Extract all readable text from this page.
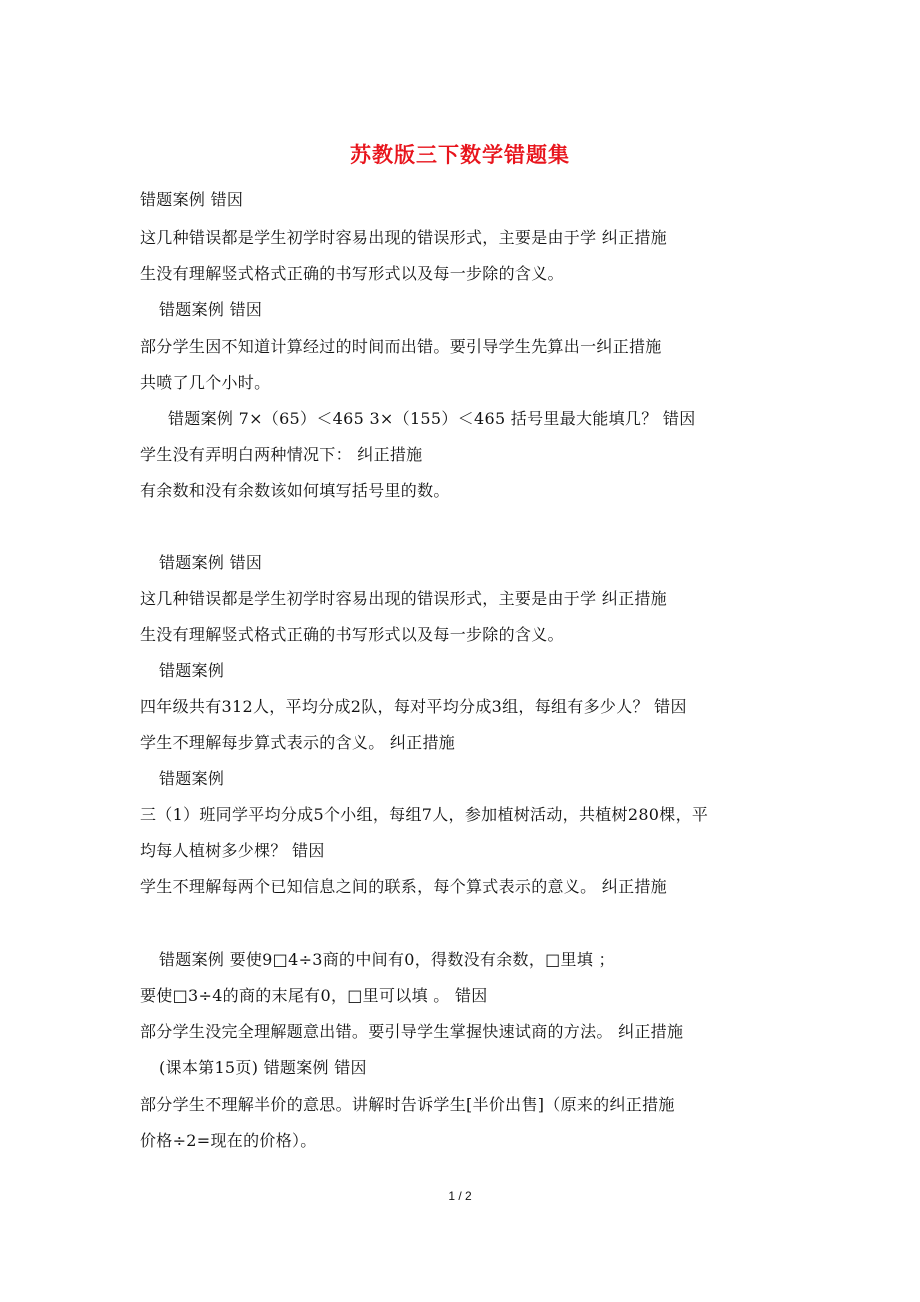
苏教版三下数学错题集
错题案例 错因
这几种错误都是学生初学时容易出现的错误形式，主要是由于学 纠正措施
生没有理解竖式格式正确的书写形式以及每一步除的含义。
错题案例 错因
部分学生因不知道计算经过的时间而出错。要引导学生先算出一纠正措施
共喷了几个小时。
错题案例 7×（65）＜465 3×（155）＜465 括号里最大能填几？ 错因
学生没有弄明白两种情况下： 纠正措施
有余数和没有余数该如何填写括号里的数。
错题案例 错因
这几种错误都是学生初学时容易出现的错误形式，主要是由于学 纠正措施
生没有理解竖式格式正确的书写形式以及每一步除的含义。
错题案例
四年级共有312人，平均分成2队，每对平均分成3组，每组有多少人？ 错因
学生不理解每步算式表示的含义。 纠正措施
错题案例
三（1）班同学平均分成5个小组，每组7人，参加植树活动，共植树280棵，平
均每人植树多少棵？ 错因
学生不理解每两个已知信息之间的联系，每个算式表示的意义。 纠正措施
错题案例 要使9□4÷3商的中间有0，得数没有余数，□里填 ；
要使□3÷4的商的末尾有0，□里可以填 。 错因
部分学生没完全理解题意出错。要引导学生掌握快速试商的方法。 纠正措施
(课本第15页) 错题案例 错因
部分学生不理解半价的意思。讲解时告诉学生[半价出售]（原来的纠正措施
价格÷2=现在的价格）。
1 / 2
